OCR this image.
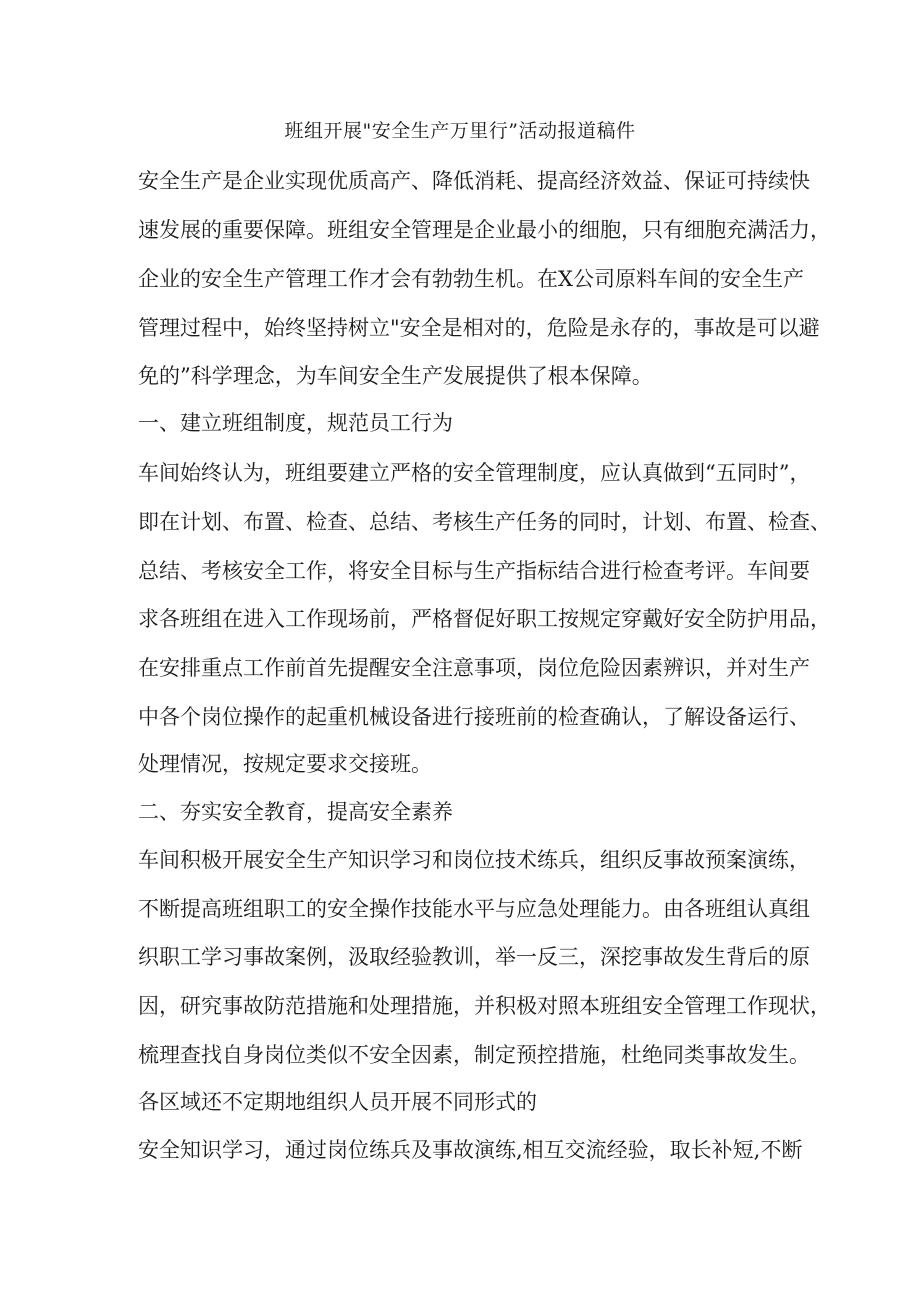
班组开展"安全生产万里行”活动报道稿件
安全生产是企业实现优质高产、降低消耗、提高经济效益、保证可持续快
速发展的重要保障。班组安全管理是企业最小的细胞，只有细胞充满活力，
企业的安全生产管理工作才会有勃勃生机。在X公司原料车间的安全生产
管理过程中，始终坚持树立"安全是相对的，危险是永存的，事故是可以避
免的”科学理念，为车间安全生产发展提供了根本保障。
一、建立班组制度，规范员工行为
车间始终认为，班组要建立严格的安全管理制度，应认真做到“五同时”，
即在计划、布置、检查、总结、考核生产任务的同时，计划、布置、检查、
总结、考核安全工作，将安全目标与生产指标结合进行检查考评。车间要
求各班组在进入工作现场前，严格督促好职工按规定穿戴好安全防护用品，
在安排重点工作前首先提醒安全注意事项，岗位危险因素辨识，并对生产
中各个岗位操作的起重机械设备进行接班前的检查确认，了解设备运行、
处理情况，按规定要求交接班。
二、夯实安全教育，提高安全素养
车间积极开展安全生产知识学习和岗位技术练兵，组织反事故预案演练，
不断提高班组职工的安全操作技能水平与应急处理能力。由各班组认真组
织职工学习事故案例，汲取经验教训，举一反三，深挖事故发生背后的原
因，研究事故防范措施和处理措施，并积极对照本班组安全管理工作现状，
梳理查找自身岗位类似不安全因素，制定预控措施，杜绝同类事故发生。
各区域还不定期地组织人员开展不同形式的
安全知识学习，通过岗位练兵及事故演练,相互交流经验，取长补短,不断
